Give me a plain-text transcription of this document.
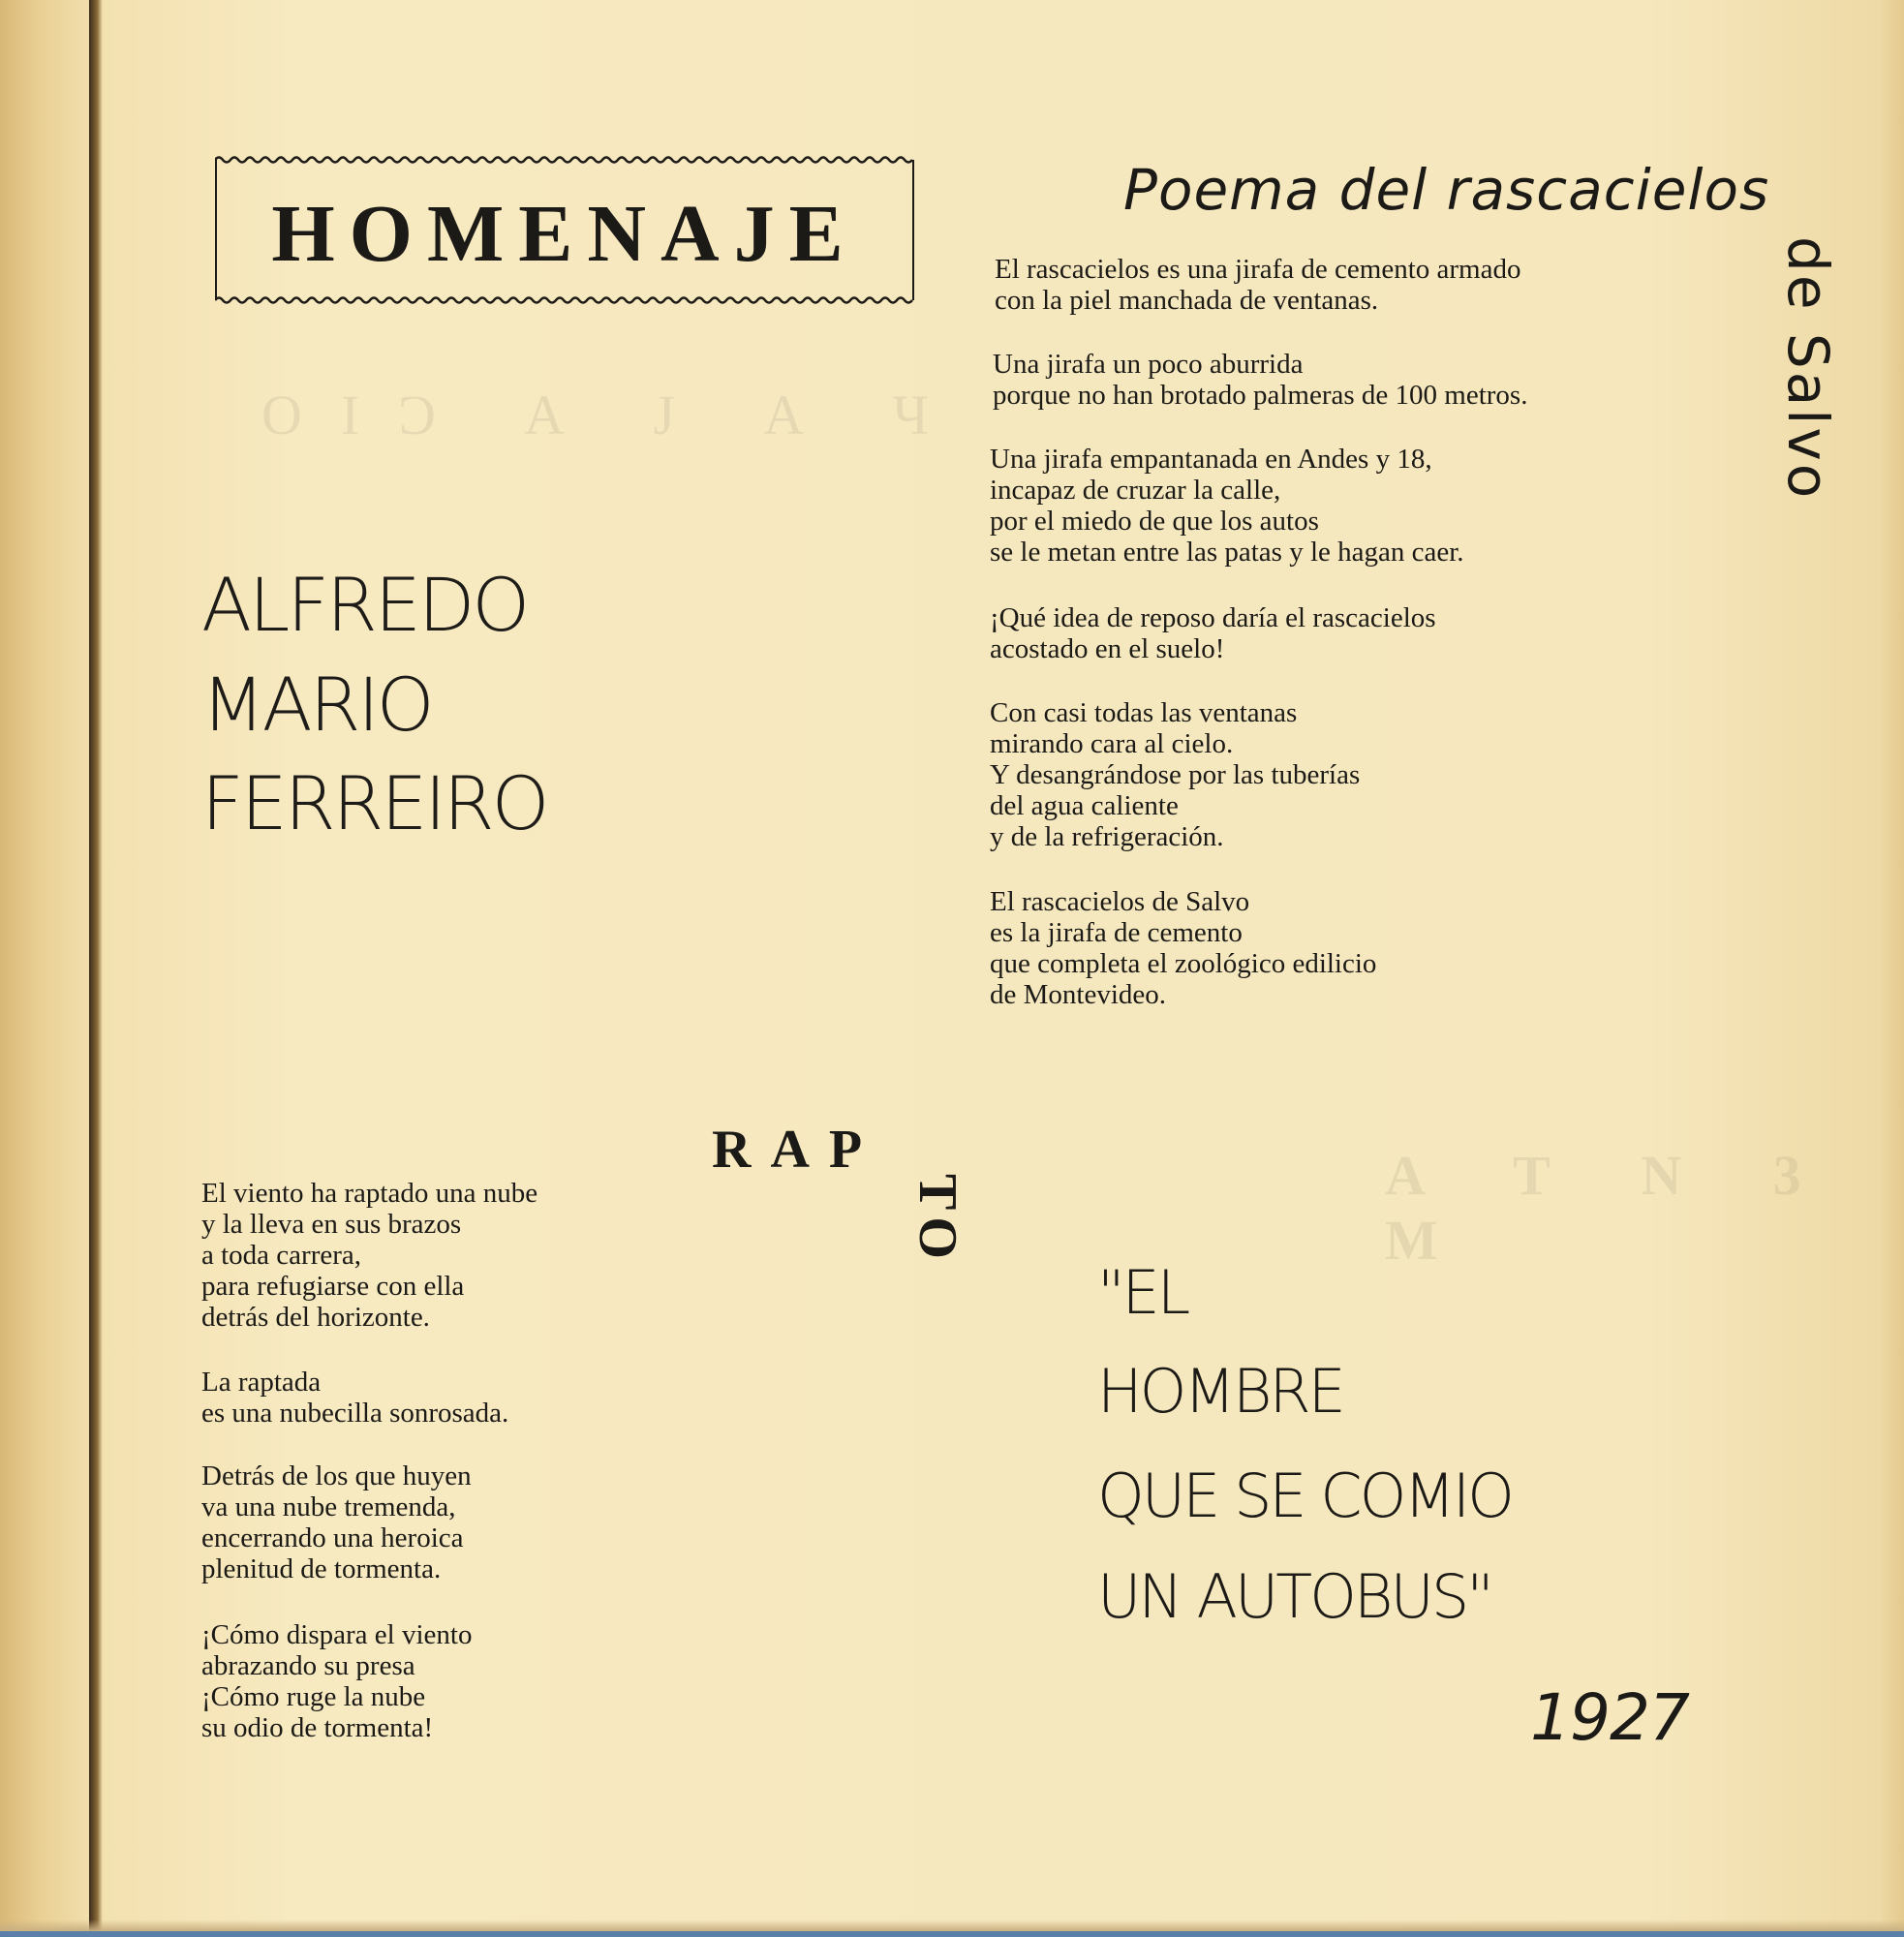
OIƆ A J A Ч
A T N 3 M
HOMENAJE
ALFREDO
MARIO
FERREIRO
Poema del rascacielos
de Salvo
El rascacielos es una jirafa de cemento armado
con la piel manchada de ventanas.
Una jirafa un poco aburrida
porque no han brotado palmeras de 100 metros.
Una jirafa empantanada en Andes y 18,
incapaz de cruzar la calle,
por el miedo de que los autos
se le metan entre las patas y le hagan caer.
¡Qué idea de reposo daría el rascacielos
acostado en el suelo!
Con casi todas las ventanas
mirando cara al cielo.
Y desangrándose por las tuberías
del agua caliente
y de la refrigeración.
El rascacielos de Salvo
es la jirafa de cemento
que completa el zoológico edilicio
de Montevideo.
RAP
TO
El viento ha raptado una nube
y la lleva en sus brazos
a toda carrera,
para refugiarse con ella
detrás del horizonte.
La raptada
es una nubecilla sonrosada.
Detrás de los que huyen
va una nube tremenda,
encerrando una heroica
plenitud de tormenta.
¡Cómo dispara el viento
abrazando su presa
¡Cómo ruge la nube
su odio de tormenta!
"EL
HOMBRE
QUE SE COMIO
UN AUTOBUS"
1927
